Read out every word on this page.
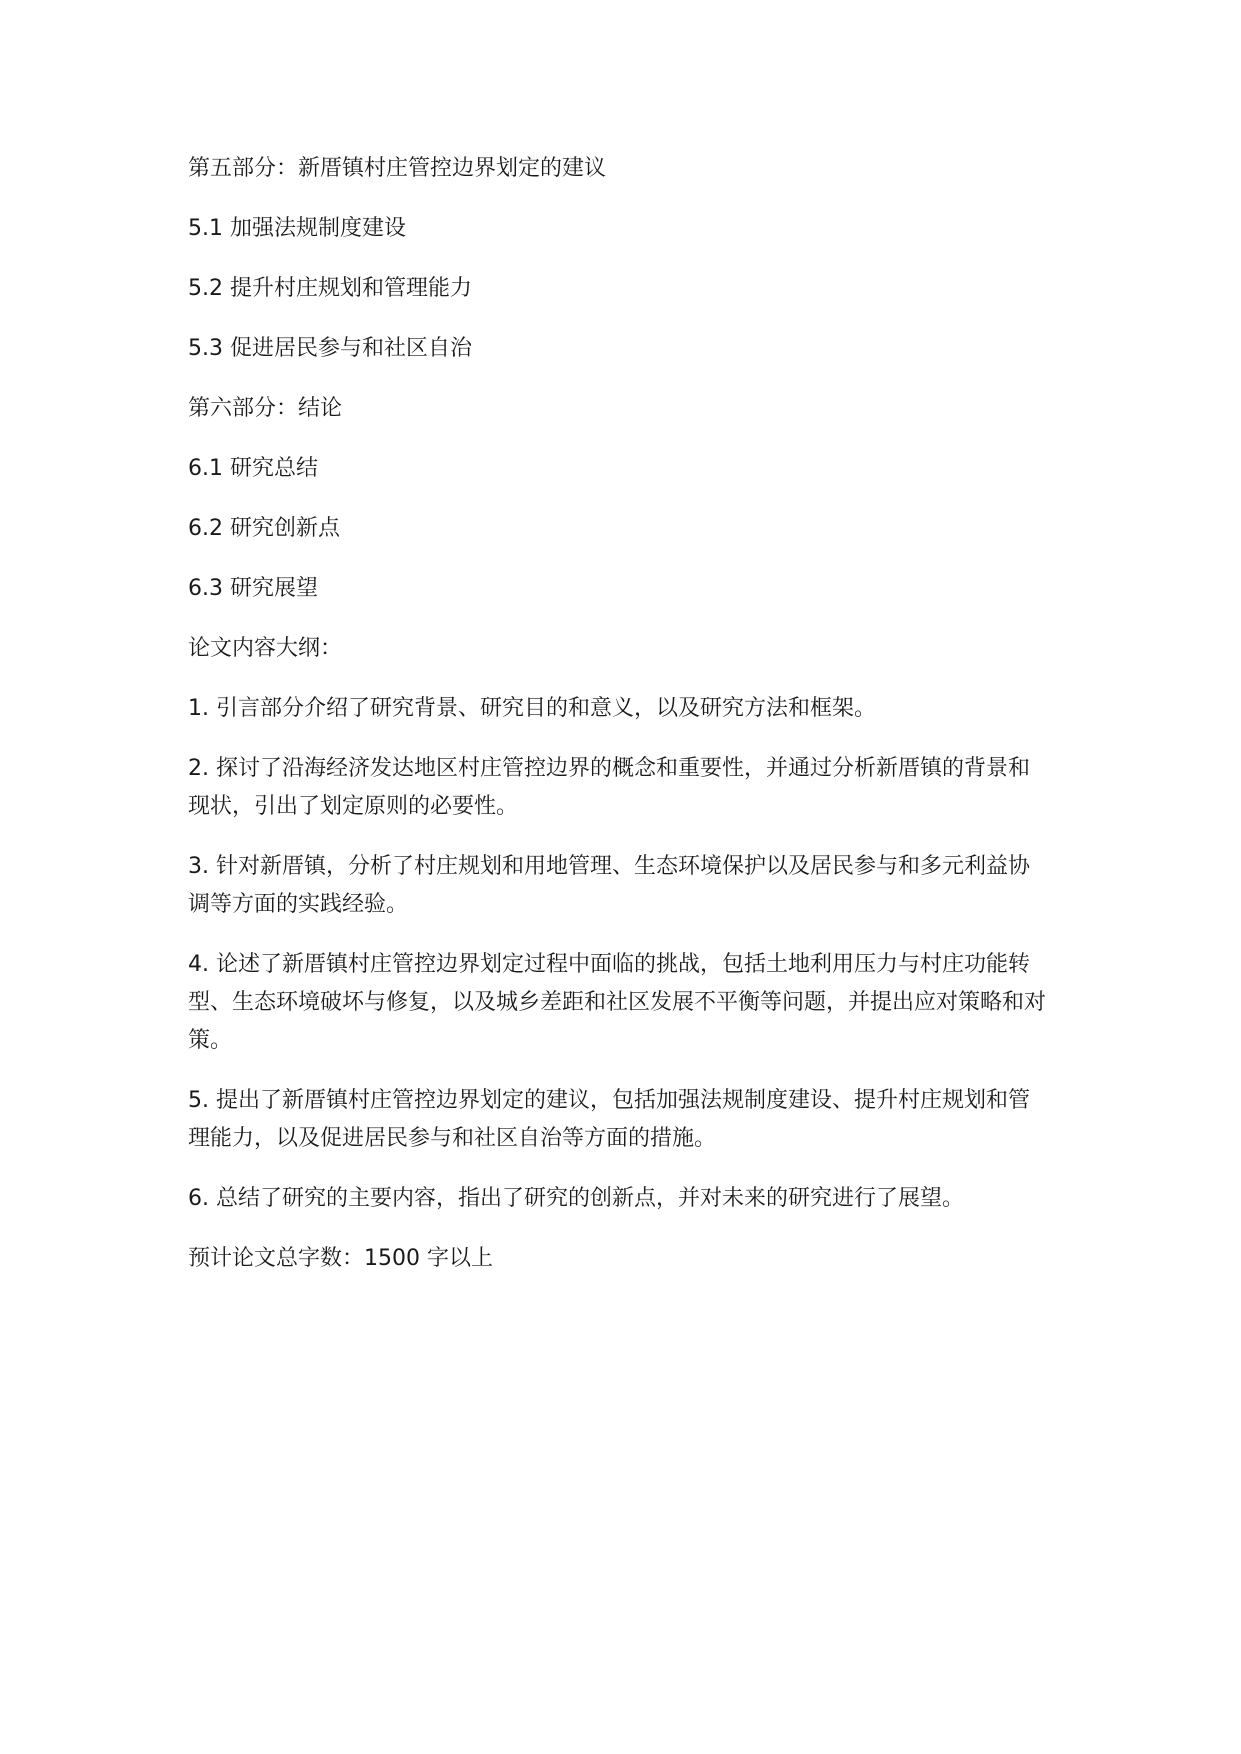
第五部分：新厝镇村庄管控边界划定的建议

5.1 加强法规制度建设

5.2 提升村庄规划和管理能力

5.3 促进居民参与和社区自治

第六部分：结论

6.1 研究总结

6.2 研究创新点

6.3 研究展望

论文内容大纲：

1. 引言部分介绍了研究背景、研究目的和意义，以及研究方法和框架。

2. 探讨了沿海经济发达地区村庄管控边界的概念和重要性，并通过分析新厝镇的背景和现状，引出了划定原则的必要性。

3. 针对新厝镇，分析了村庄规划和用地管理、生态环境保护以及居民参与和多元利益协调等方面的实践经验。

4. 论述了新厝镇村庄管控边界划定过程中面临的挑战，包括土地利用压力与村庄功能转型、生态环境破坏与修复，以及城乡差距和社区发展不平衡等问题，并提出应对策略和对策。

5. 提出了新厝镇村庄管控边界划定的建议，包括加强法规制度建设、提升村庄规划和管理能力，以及促进居民参与和社区自治等方面的措施。

6. 总结了研究的主要内容，指出了研究的创新点，并对未来的研究进行了展望。

预计论文总字数：1500 字以上
